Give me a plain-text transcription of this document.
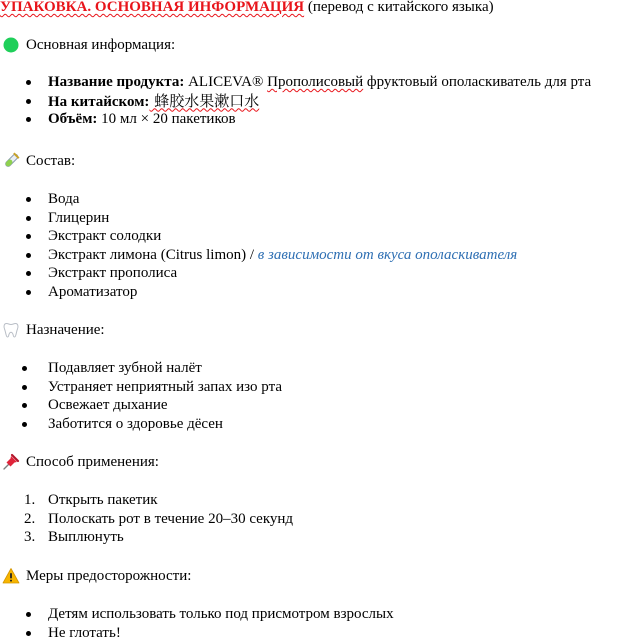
УПАКОВКА. ОСНОВНАЯ ИНФОРМАЦИЯ (перевод с китайского языка)
Основная информация:
Название продукта: ALICEVA® Прополисовый фруктовый ополаскиватель для рта
На китайском: 蜂胶水果漱口水
Объём: 10 мл × 20 пакетиков
Состав:
Вода
Глицерин
Экстракт солодки
Экстракт лимона (Citrus limon) / в зависимости от вкуса ополаскивателя
Экстракт прополиса
Ароматизатор
Назначение:
Подавляет зубной налёт
Устраняет неприятный запах изо рта
Освежает дыхание
Заботится о здоровье дёсен
Способ применения:
1. Открыть пакетик
2. Полоскать рот в течение 20–30 секунд
3. Выплюнуть
Меры предосторожности:
Детям использовать только под присмотром взрослых
Не глотать!
